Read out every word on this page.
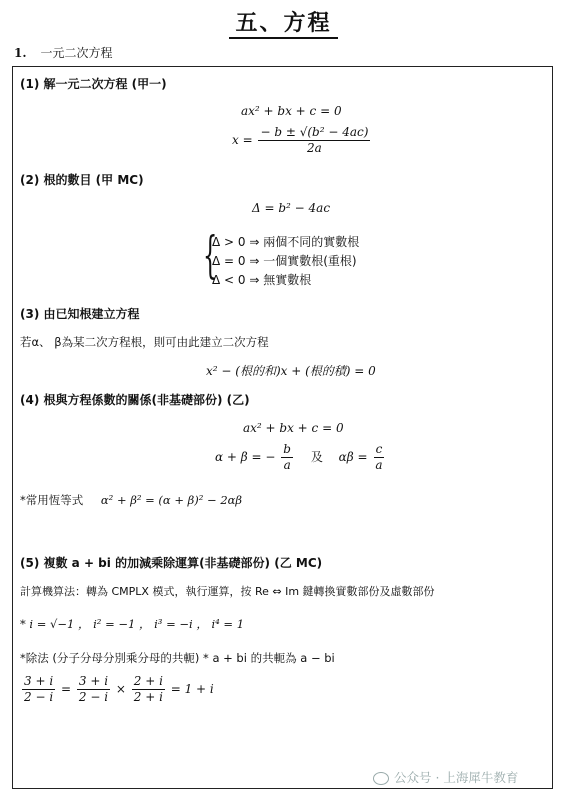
五、方程
1. 一元二次方程
(1) 解一元二次方程 (甲一)
ax² + bx + c = 0
$x = \frac{\text{− b ± √(b² − 4ac)}}{2a}$
(2) 根的數目 (甲 MC)
Δ = b² − 4ac
{
Δ > 0 ⇒ 兩個不同的實數根
Δ = 0 ⇒ 一個實數根(重根)
Δ < 0 ⇒ 無實數根
(3) 由已知根建立方程
若α、 β為某二次方程根，則可由此建立二次方程
x² − (根的和)x + (根的積) = 0
(4) 根與方程係數的關係(非基礎部份) (乙)
ax² + bx + c = 0
α + β = − $\frac{b}{a}$ 及 $\alpha\beta = \frac{c}{a}$
*常用恆等式 α² + β² = (α + β)² − 2αβ
(5) 複數 a + bi 的加減乘除運算(非基礎部份) (乙 MC)
計算機算法：轉為 CMPLX 模式，執行運算，按 Re ⇔ Im 鍵轉換實數部份及虛數部份
* i = √−1 ， i² = −1 ， i³ = −i ， i⁴ = 1
*除法 (分子分母分別乘分母的共軛) * a + bi 的共軛為 a − bi
$\frac{3 + i}{2 - i} = \frac{3 + i}{2 - i} \times \frac{2 + i}{2 + i} = 1 + i$
公众号 · 上海犀牛教育
